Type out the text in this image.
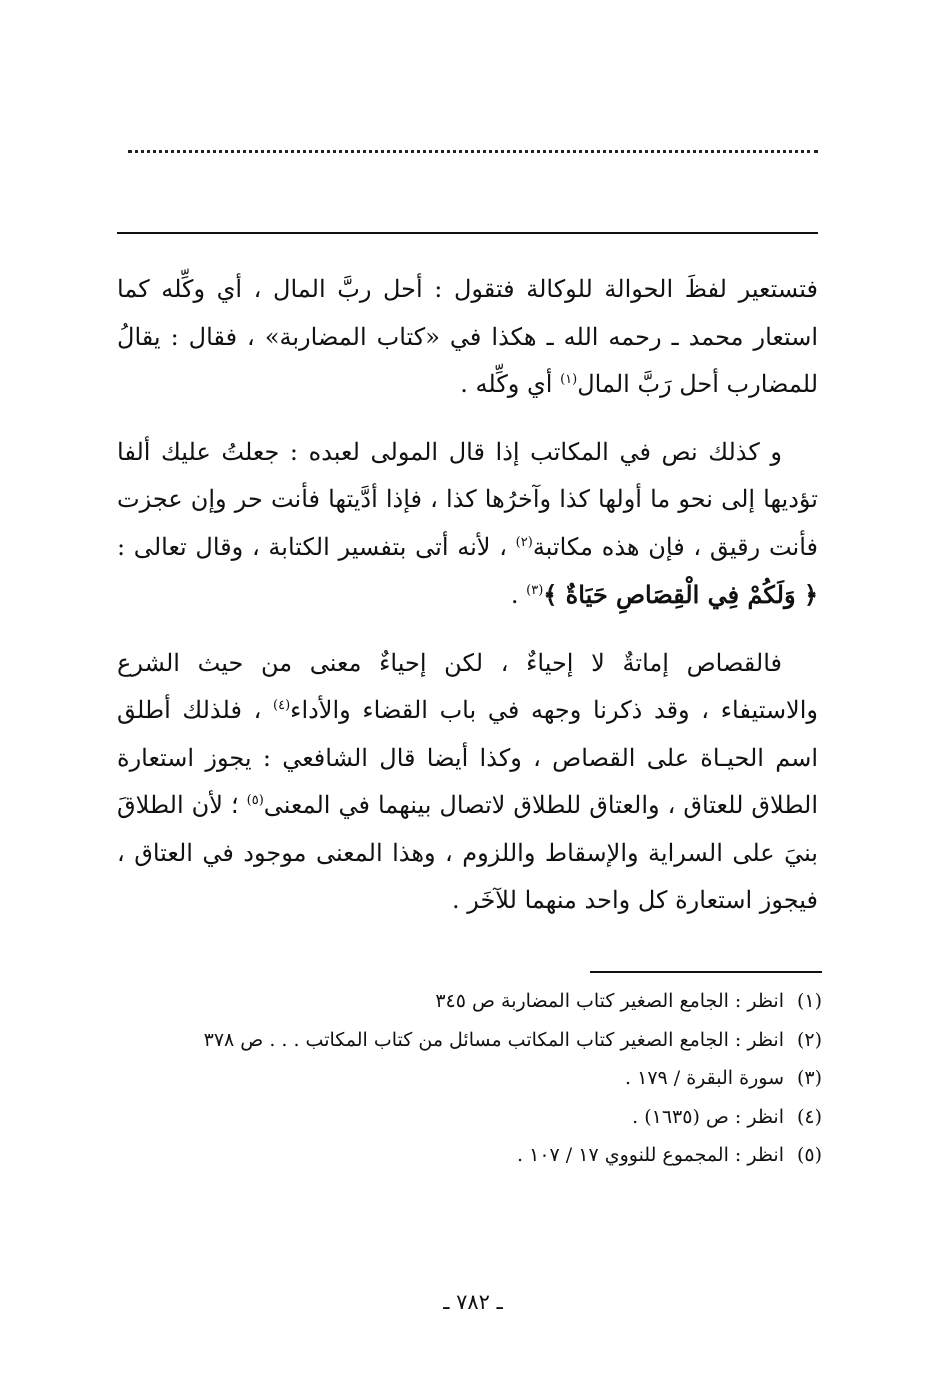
فتستعير لفظَ الحوالة للوكالة فتقول : أحل ربَّ المال ، أي وكِّله كما استعار محمد ـ رحمه الله ـ هكذا في «كتاب المضاربة» ، فقال : يقالُ للمضارب أحل رَبَّ المال$^{(١)}$ أي وكِّله .

و كذلك نص في المكاتب إذا قال المولى لعبده : جعلتُ عليك ألفا تؤديها إلى نحو ما أولها كذا وآخرُها كذا ، فإذا أدَّيتها فأنت حر وإن عجزت فأنت رقيق ، فإن هذه مكاتبة$^{(٢)}$ ، لأنه أتى بتفسير الكتابة ، وقال تعالى : ﴿ وَلَكُمْ فِي الْقِصَاصِ حَيَاةٌ ﴾$^{(٣)}$ .

فالقصاص إماتةٌ لا إحياءٌ ، لكن إحياءٌ معنى من حيث الشرع والاستيفاء ، وقد ذكرنا وجهه في باب القضاء والأداء$^{(٤)}$ ، فلذلك أطلق اسم الحيـاة على القصاص ، وكذا أيضا قال الشافعي : يجوز استعارة الطلاق للعتاق ، والعتاق للطلاق لاتصال بينهما في المعنى$^{(٥)}$ ؛ لأن الطلاقَ بنيَ على السراية والإسقاط واللزوم ، وهذا المعنى موجود في العتاق ، فيجوز استعارة كل واحد منهما للآخَر .

(١)انظر : الجامع الصغير كتاب المضاربة ص ٣٤٥
(٢)انظر : الجامع الصغير كتاب المكاتب مسائل من كتاب المكاتب . . . ص ٣٧٨
(٣)سورة البقرة / ١٧٩ .
(٤)انظر : ص (١٦٣٥) .
(٥)انظر : المجموع للنووي ١٧ / ١٠٧ .
ـ ٧٨٢ ـ
